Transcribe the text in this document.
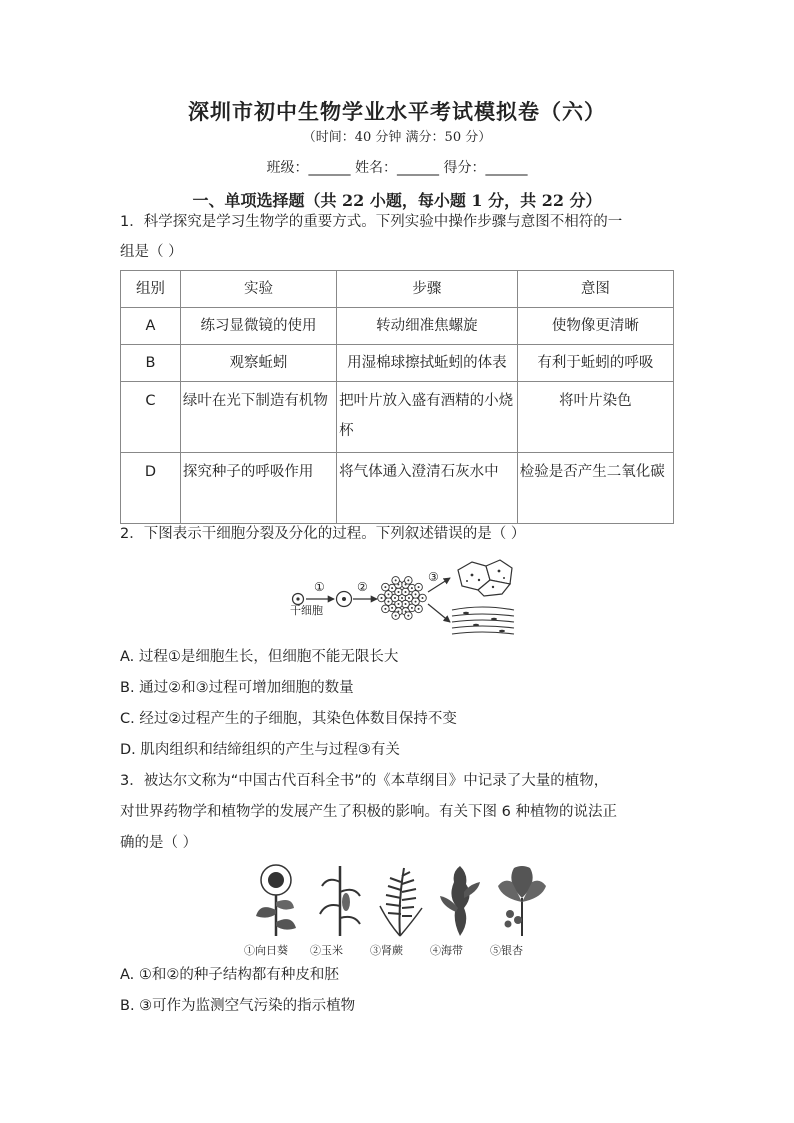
深圳市初中生物学业水平考试模拟卷（六）
（时间：40 分钟 满分：50 分）
班级：______ 姓名：______ 得分：______
一、单项选择题（共 22 小题，每小题 1 分，共 22 分）
1．科学探究是学习生物学的重要方式。下列实验中操作步骤与意图不相符的一
组是（ ）
组别	实验	步骤	意图
A	练习显微镜的使用	转动细准焦螺旋	使物像更清晰
B	观察蚯蚓	用湿棉球擦拭蚯蚓的体表	有利于蚯蚓的呼吸
C	绿叶在光下制造有机物	把叶片放入盛有酒精的小烧杯	将叶片染色
D	探究种子的呼吸作用	将气体通入澄清石灰水中	检验是否产生二氧化碳
2．下图表示干细胞分裂及分化的过程。下列叙述错误的是（ ）
干细胞
①	②
③
A. 过程①是细胞生长，但细胞不能无限长大
B. 通过②和③过程可增加细胞的数量
C. 经过②过程产生的子细胞，其染色体数目保持不变
D. 肌肉组织和结缔组织的产生与过程③有关
3．被达尔文称为“中国古代百科全书”的《本草纲目》中记录了大量的植物，
对世界药物学和植物学的发展产生了积极的影响。有关下图 6 种植物的说法正
确的是（ ）
①向日葵 ②玉米 ③肾蕨 ④海带 ⑤银杏
A. ①和②的种子结构都有种皮和胚
B. ③可作为监测空气污染的指示植物
